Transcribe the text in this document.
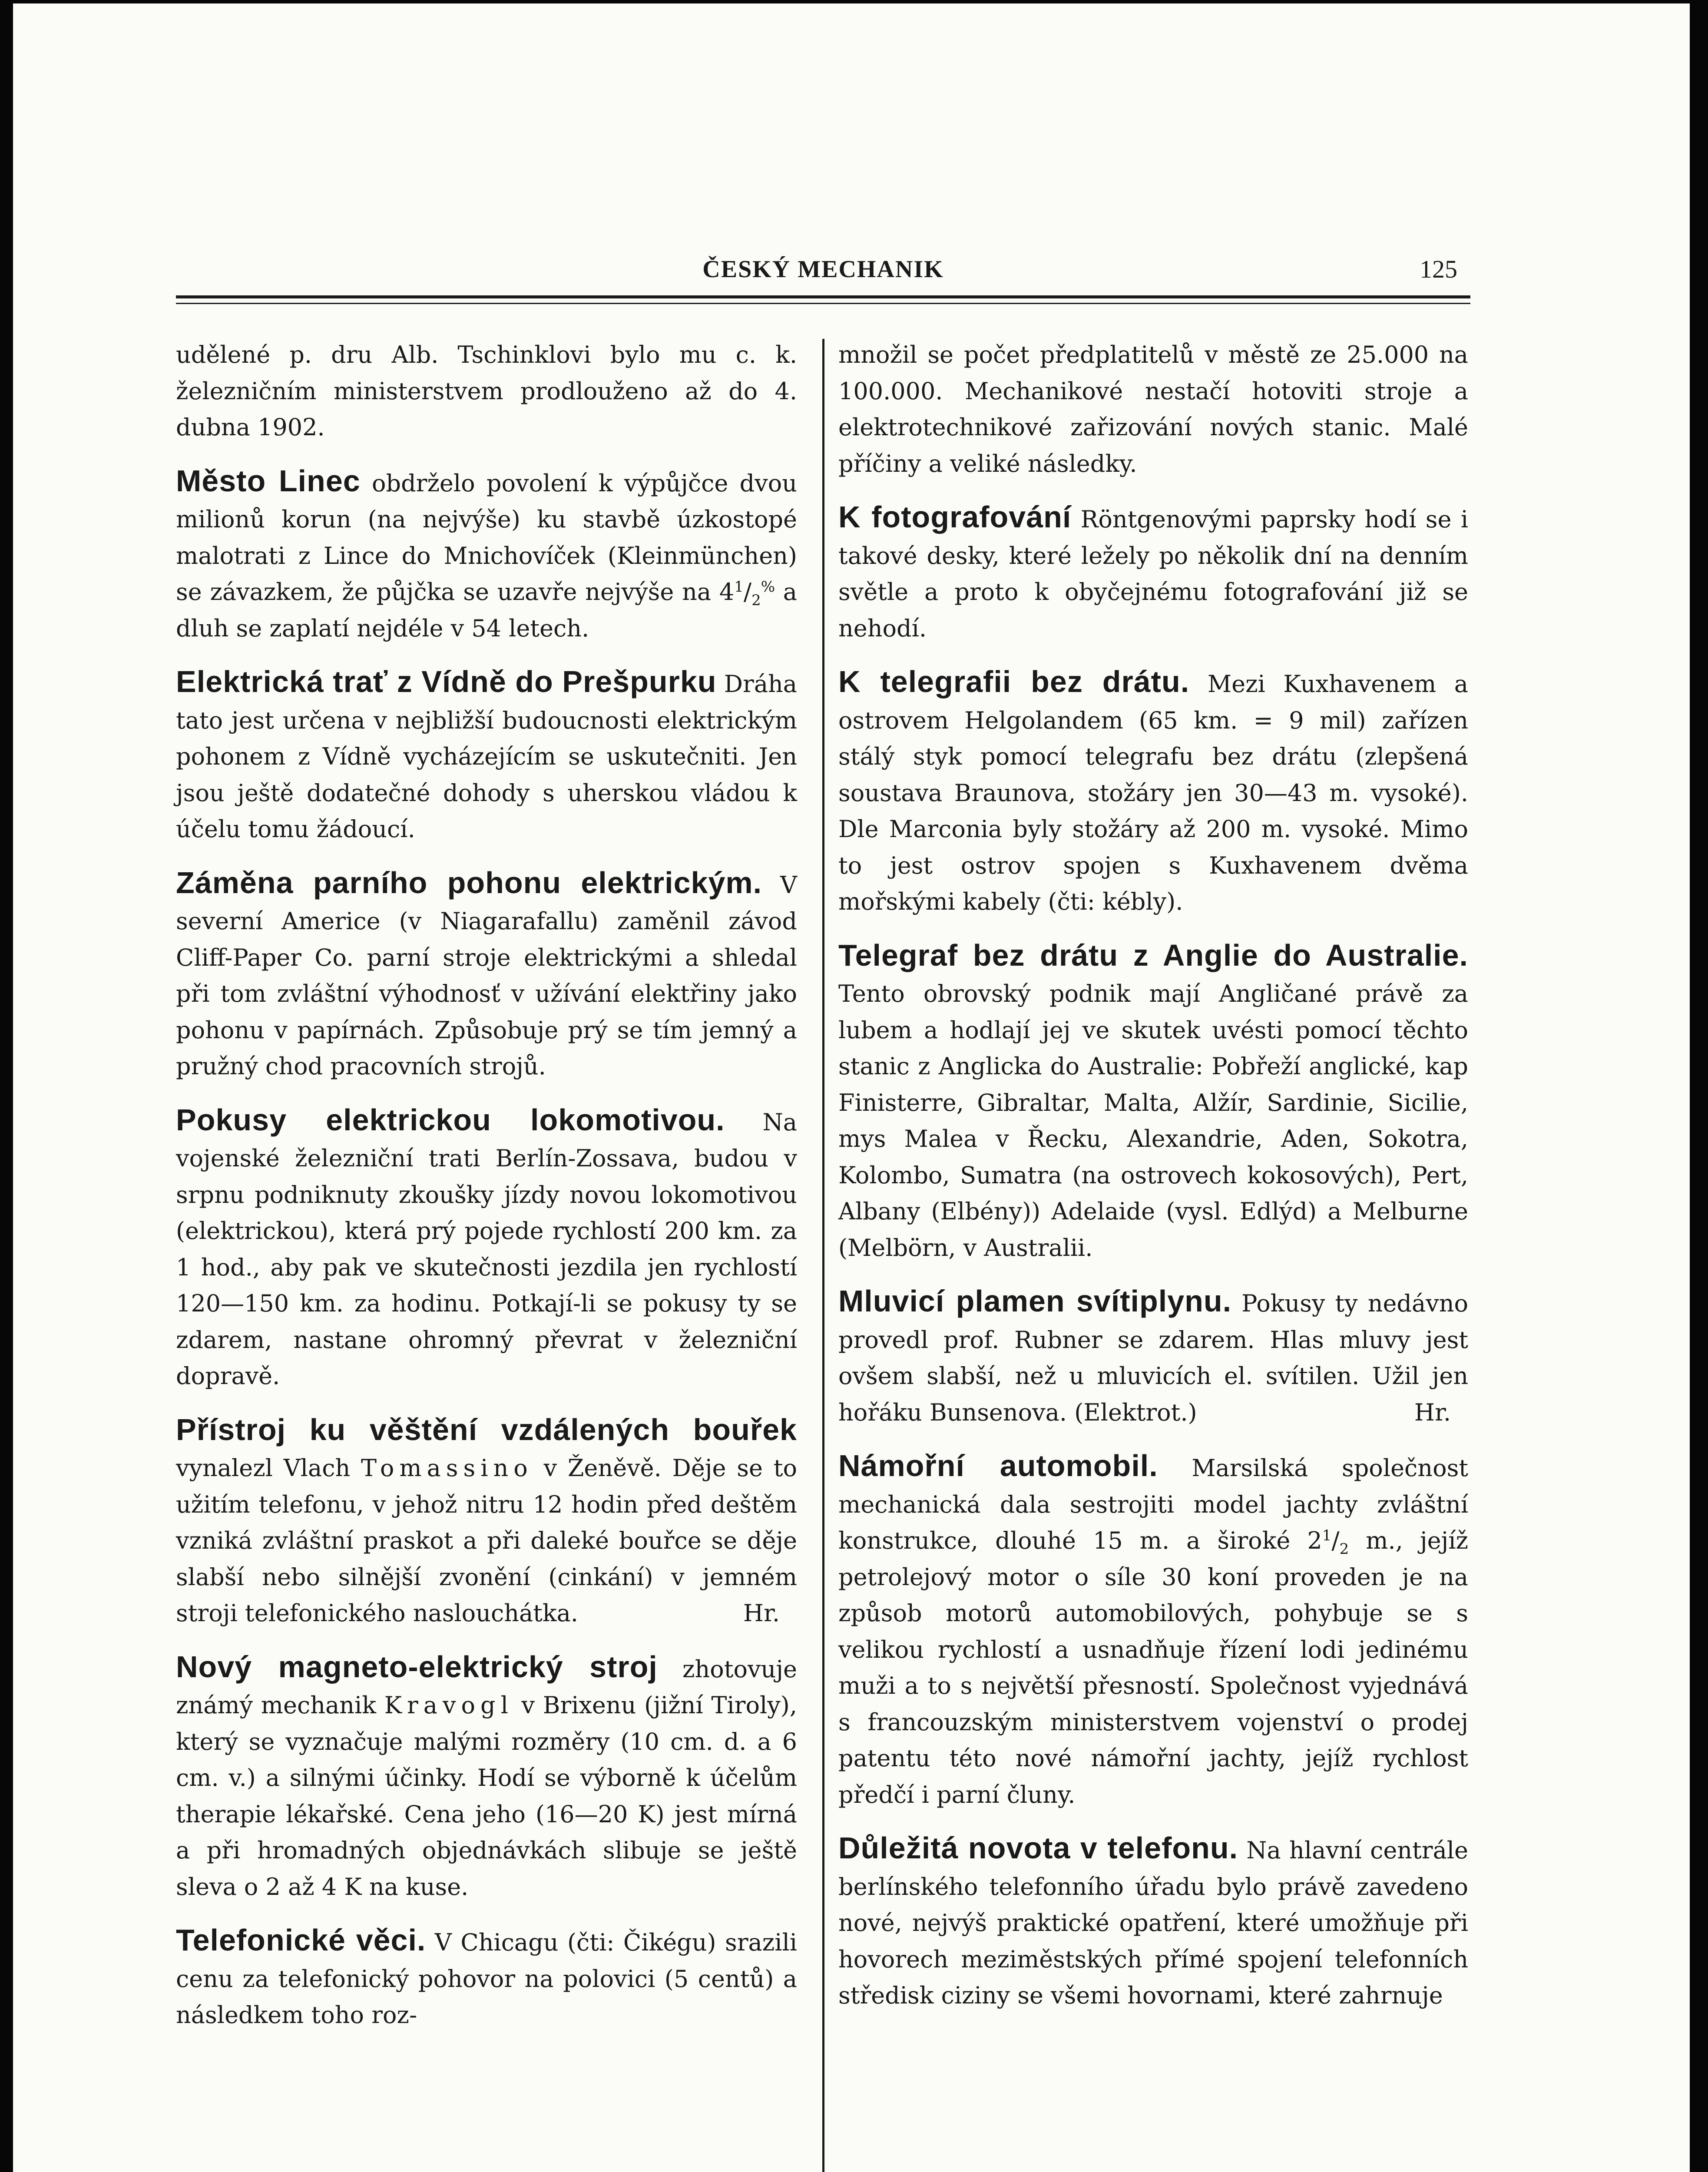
ČESKÝ MECHANIK	125

udělené p. dru Alb. Tschinklovi bylo mu c. k. železničním ministerstvem prodlouženo až do 4. dubna 1902.

Město Linec obdrželo povolení k výpůjčce dvou milionů korun (na nejvýše) ku stavbě úzkostopé malotrati z Lince do Mnichovíček (Kleinmünchen) se závazkem, že půjčka se uzavře nejvýše na $4^1/_2^{\%}$ a dluh se zaplatí nejdéle v 54 letech.

Elektrická trať z Vídně do Prešpurku Dráha tato jest určena v nejbližší budoucnosti elektrickým pohonem z Vídně vycházejícím se uskutečniti. Jen jsou ještě dodatečné dohody s uherskou vládou k účelu tomu žádoucí.

Záměna parního pohonu elektrickým. V severní Americe (v Niagarafallu) zaměnil závod Cliff-Paper Co. parní stroje elektrickými a shledal při tom zvláštní výhodnosť v užívání elektřiny jako pohonu v papírnách. Způsobuje prý se tím jemný a pružný chod pracovních strojů.

Pokusy elektrickou lokomotivou. Na vojenské železniční trati Berlín-Zossava, budou v srpnu podniknuty zkoušky jízdy novou lokomotivou (elektrickou), která prý pojede rychlostí 200 km. za 1 hod., aby pak ve skutečnosti jezdila jen rychlostí 120—150 km. za hodinu. Potkají-li se pokusy ty se zdarem, nastane ohromný převrat v železniční dopravě.

Přístroj ku věštění vzdálených bouřek vynalezl Vlach Tomassino v Ženěvě. Děje se to užitím telefonu, v jehož nitru 12 hodin před deštěm vzniká zvláštní praskot a při daleké bouřce se děje slabší nebo silnější zvonění (cinkání) v jemném stroji telefonického naslouchátka.	Hr.

Nový magneto-elektrický stroj zhotovuje známý mechanik Kravogl v Brixenu (jižní Tiroly), který se vyznačuje malými rozměry (10 cm. d. a 6 cm. v.) a silnými účinky. Hodí se výborně k účelům therapie lékařské. Cena jeho (16—20 K) jest mírná a při hromadných objednávkách slibuje se ještě sleva o 2 až 4 K na kuse.

Telefonické věci. V Chicagu (čti: Čikégu) srazili cenu za telefonický pohovor na polovici (5 centů) a následkem toho roz-

množil se počet předplatitelů v městě ze 25.000 na 100.000. Mechanikové nestačí hotoviti stroje a elektrotechnikové zařizování nových stanic. Malé příčiny a veliké následky.

K fotografování Röntgenovými paprsky hodí se i takové desky, které ležely po několik dní na denním světle a proto k obyčejnému fotografování již se nehodí.

K telegrafii bez drátu. Mezi Kuxhavenem a ostrovem Helgolandem (65 km. = 9 mil) zařízen stálý styk pomocí telegrafu bez drátu (zlepšená soustava Braunova, stožáry jen 30—43 m. vysoké). Dle Marconia byly stožáry až 200 m. vysoké. Mimo to jest ostrov spojen s Kuxhavenem dvěma mořskými kabely (čti: kébly).

Telegraf bez drátu z Anglie do Australie. Tento obrovský podnik mají Angličané právě za lubem a hodlají jej ve skutek uvésti pomocí těchto stanic z Anglicka do Australie: Pobřeží anglické, kap Finisterre, Gibraltar, Malta, Alžír, Sardinie, Sicilie, mys Malea v Řecku, Alexandrie, Aden, Sokotra, Kolombo, Sumatra (na ostrovech kokosových), Pert, Albany (Elbény)) Adelaide (vysl. Edlýd) a Melburne (Melbörn, v Australii.

Mluvicí plamen svítiplynu. Pokusy ty nedávno provedl prof. Rubner se zdarem. Hlas mluvy jest ovšem slabší, než u mluvicích el. svítilen. Užil jen hořáku Bunsenova. (Elektrot.)	Hr.

Námořní automobil. Marsilská společnost mechanická dala sestrojiti model jachty zvláštní konstrukce, dlouhé 15 m. a široké $2^1/_2$ m., jejíž petrolejový motor o síle 30 koní proveden je na způsob motorů automobilových, pohybuje se s velikou rychlostí a usnadňuje řízení lodi jedinému muži a to s největší přesností. Společnost vyjednává s francouzským ministerstvem vojenství o prodej patentu této nové námořní jachty, jejíž rychlost předčí i parní čluny.

Důležitá novota v telefonu. Na hlavní centrále berlínského telefonního úřadu bylo právě zavedeno nové, nejvýš praktické opatření, které umožňuje při hovorech meziměstských přímé spojení telefonních středisk ciziny se všemi hovornami, které zahrnuje
